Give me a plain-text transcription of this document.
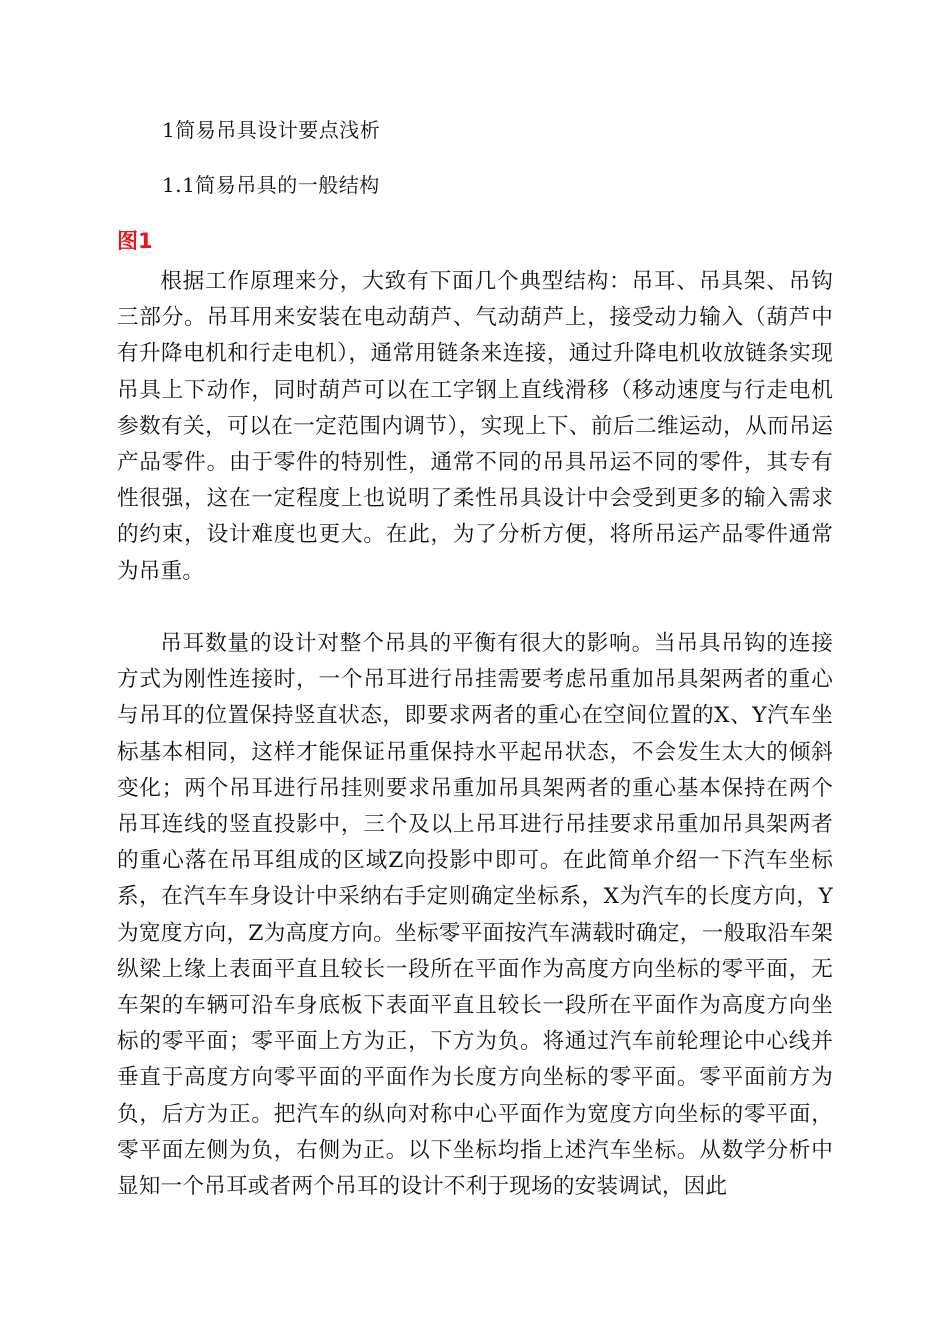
1简易吊具设计要点浅析
1.1简易吊具的一般结构
图1

根据工作原理来分，大致有下面几个典型结构：吊耳、吊具架、吊钩三部分。吊耳用来安装在电动葫芦、气动葫芦上，接受动力输入（葫芦中有升降电机和行走电机），通常用链条来连接，通过升降电机收放链条实现吊具上下动作，同时葫芦可以在工字钢上直线滑移（移动速度与行走电机参数有关，可以在一定范围内调节），实现上下、前后二维运动，从而吊运产品零件。由于零件的特别性，通常不同的吊具吊运不同的零件，其专有性很强，这在一定程度上也说明了柔性吊具设计中会受到更多的输入需求的约束，设计难度也更大。在此，为了分析方便，将所吊运产品零件通常为吊重。

吊耳数量的设计对整个吊具的平衡有很大的影响。当吊具吊钩的连接方式为刚性连接时，一个吊耳进行吊挂需要考虑吊重加吊具架两者的重心与吊耳的位置保持竖直状态，即要求两者的重心在空间位置的X、Y汽车坐标基本相同，这样才能保证吊重保持水平起吊状态，不会发生太大的倾斜变化；两个吊耳进行吊挂则要求吊重加吊具架两者的重心基本保持在两个吊耳连线的竖直投影中，三个及以上吊耳进行吊挂要求吊重加吊具架两者的重心落在吊耳组成的区域Z向投影中即可。在此简单介绍一下汽车坐标系，在汽车车身设计中采纳右手定则确定坐标系，X为汽车的长度方向，Y为宽度方向，Z为高度方向。坐标零平面按汽车满载时确定，一般取沿车架纵梁上缘上表面平直且较长一段所在平面作为高度方向坐标的零平面，无车架的车辆可沿车身底板下表面平直且较长一段所在平面作为高度方向坐标的零平面；零平面上方为正，下方为负。将通过汽车前轮理论中心线并垂直于高度方向零平面的平面作为长度方向坐标的零平面。零平面前方为负，后方为正。把汽车的纵向对称中心平面作为宽度方向坐标的零平面，零平面左侧为负，右侧为正。以下坐标均指上述汽车坐标。从数学分析中显知一个吊耳或者两个吊耳的设计不利于现场的安装调试，因此
